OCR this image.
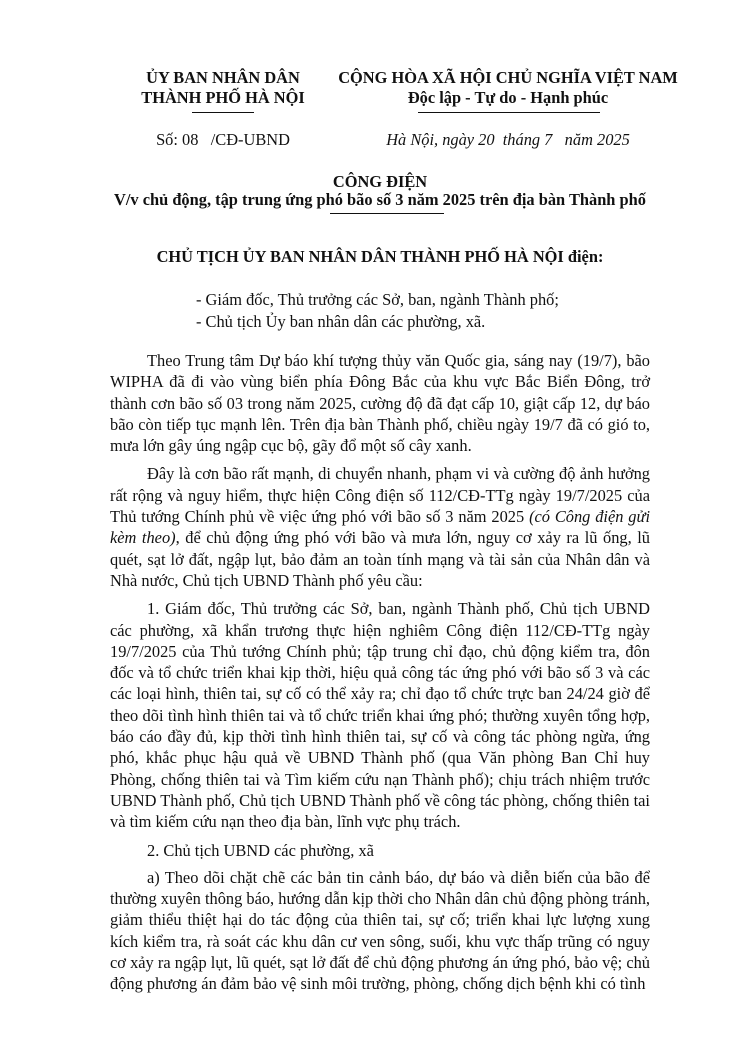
ỦY BAN NHÂN DÂN
THÀNH PHỐ HÀ NỘI
CỘNG HÒA XÃ HỘI CHỦ NGHĨA VIỆT NAM
Độc lập - Tự do - Hạnh phúc
Số: 08   /CĐ-UBND	Hà Nội, ngày 20  tháng 7   năm 2025
CÔNG ĐIỆN
V/v chủ động, tập trung ứng phó bão số 3 năm 2025 trên địa bàn Thành phố
CHỦ TỊCH ỦY BAN NHÂN DÂN THÀNH PHỐ HÀ NỘI điện:
- Giám đốc, Thủ trưởng các Sở, ban, ngành Thành phố;
- Chủ tịch Ủy ban nhân dân các phường, xã.

Theo Trung tâm Dự báo khí tượng thủy văn Quốc gia, sáng nay (19/7), bão WIPHA đã đi vào vùng biển phía Đông Bắc của khu vực Bắc Biển Đông, trở thành cơn bão số 03 trong năm 2025, cường độ đã đạt cấp 10, giật cấp 12, dự báo bão còn tiếp tục mạnh lên. Trên địa bàn Thành phố, chiều ngày 19/7 đã có gió to, mưa lớn gây úng ngập cục bộ, gãy đổ một số cây xanh.

Đây là cơn bão rất mạnh, di chuyển nhanh, phạm vi và cường độ ảnh hưởng rất rộng và nguy hiểm, thực hiện Công điện số 112/CĐ-TTg ngày 19/7/2025 của Thủ tướng Chính phủ về việc ứng phó với bão số 3 năm 2025 (có Công điện gửi kèm theo), để chủ động ứng phó với bão và mưa lớn, nguy cơ xảy ra lũ ống, lũ quét, sạt lở đất, ngập lụt, bảo đảm an toàn tính mạng và tài sản của Nhân dân và Nhà nước, Chủ tịch UBND Thành phố yêu cầu:

1. Giám đốc, Thủ trưởng các Sở, ban, ngành Thành phố, Chủ tịch UBND các phường, xã khẩn trương thực hiện nghiêm Công điện 112/CĐ-TTg ngày 19/7/2025 của Thủ tướng Chính phủ; tập trung chỉ đạo, chủ động kiểm tra, đôn đốc và tổ chức triển khai kịp thời, hiệu quả công tác ứng phó với bão số 3 và các các loại hình, thiên tai, sự cố có thể xảy ra; chỉ đạo tổ chức trực ban 24/24 giờ để theo dõi tình hình thiên tai và tổ chức triển khai ứng phó; thường xuyên tổng hợp, báo cáo đầy đủ, kịp thời tình hình thiên tai, sự cố và công tác phòng ngừa, ứng phó, khắc phục hậu quả về UBND Thành phố (qua Văn phòng Ban Chỉ huy Phòng, chống thiên tai và Tìm kiếm cứu nạn Thành phố); chịu trách nhiệm trước UBND Thành phố, Chủ tịch UBND Thành phố về công tác phòng, chống thiên tai và tìm kiếm cứu nạn theo địa bàn, lĩnh vực phụ trách.

2. Chủ tịch UBND các phường, xã

a) Theo dõi chặt chẽ các bản tin cảnh báo, dự báo và diễn biến của bão để thường xuyên thông báo, hướng dẫn kịp thời cho Nhân dân chủ động phòng tránh, giảm thiểu thiệt hại do tác động của thiên tai, sự cố; triển khai lực lượng xung kích kiểm tra, rà soát các khu dân cư ven sông, suối, khu vực thấp trũng có nguy cơ xảy ra ngập lụt, lũ quét, sạt lở đất để chủ động phương án ứng phó, bảo vệ; chủ động phương án đảm bảo vệ sinh môi trường, phòng, chống dịch bệnh khi có tình
